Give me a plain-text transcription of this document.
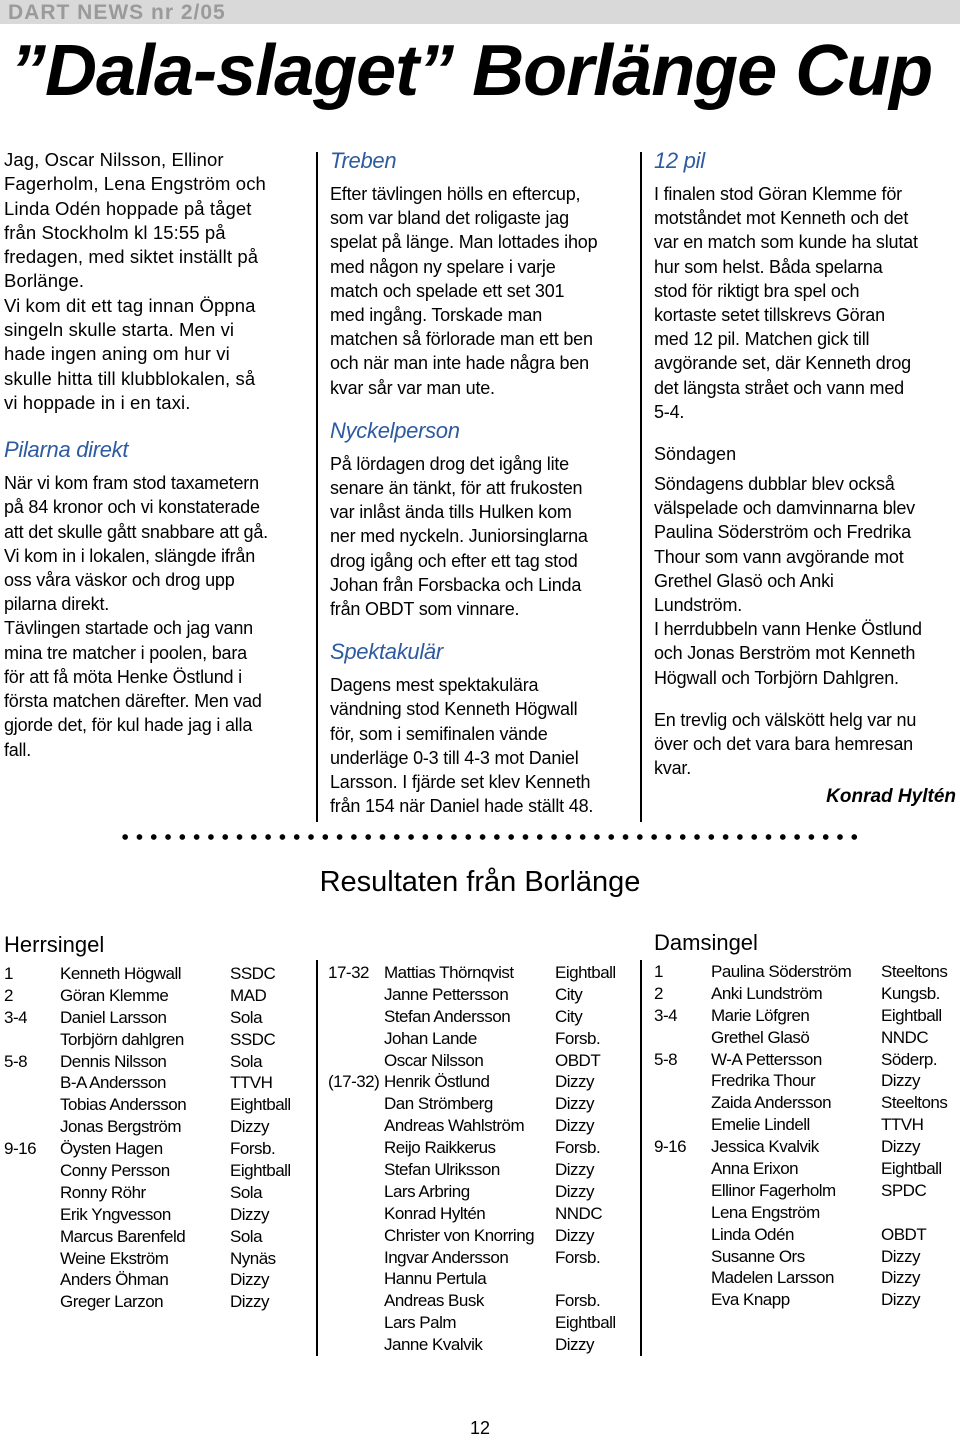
DART NEWS nr 2/05
”Dala-slaget” Borlänge Cup
Jag, Oscar Nilsson, Ellinor
Fagerholm, Lena Engström och
Linda Odén hoppade på tåget
från Stockholm kl 15:55 på
fredagen, med siktet inställt på
Borlänge.
Vi kom dit ett tag innan Öppna
singeln skulle starta. Men vi
hade ingen aning om hur vi
skulle hitta till klubblokalen, så
vi hoppade in i en taxi.
Pilarna direkt
När vi kom fram stod taxametern
på 84 kronor och vi konstaterade
att det skulle gått snabbare att gå.
Vi kom in i lokalen, slängde ifrån
oss våra väskor och drog upp
pilarna direkt.
Tävlingen startade och jag vann
mina tre matcher i poolen, bara
för att få möta Henke Östlund i
första matchen därefter. Men vad
gjorde det, för kul hade jag i alla
fall.
Treben
Efter tävlingen hölls en eftercup,
som var bland det roligaste jag
spelat på länge. Man lottades ihop
med någon ny spelare i varje
match och spelade ett set 301
med ingång. Torskade man
matchen så förlorade man ett ben
och när man inte hade några ben
kvar sår var man ute.
Nyckelperson
På lördagen drog det igång lite
senare än tänkt, för att frukosten
var inlåst ända tills Hulken kom
ner med nyckeln. Juniorsinglarna
drog igång och efter ett tag stod
Johan från Forsbacka och Linda
från OBDT som vinnare.
Spektakulär
Dagens mest spektakulära
vändning stod Kenneth Högwall
för, som i semifinalen vände
underläge 0-3 till 4-3 mot Daniel
Larsson. I fjärde set klev Kenneth
från 154 när Daniel hade ställt 48.
12 pil
I finalen stod Göran Klemme för
motståndet mot Kenneth och det
var en match som kunde ha slutat
hur som helst. Båda spelarna
stod för riktigt bra spel och
kortaste setet tillskrevs Göran
med 12 pil. Matchen gick till
avgörande set, där Kenneth drog
det längsta strået och vann med
5-4.
Söndagen
Söndagens dubblar blev också
välspelade och damvinnarna blev
Paulina Söderström och Fredrika
Thour som vann avgörande mot
Grethel Glasö och Anki
Lundström.
I herrdubbeln vann Henke Östlund
och Jonas Berström mot Kenneth
Högwall och Torbjörn Dahlgren.
En trevlig och välskött helg var nu
över och det vara bara hemresan
kvar.
Konrad Hyltén
Resultaten från Borlänge
Herrsingel	Damsingel
1	Kenneth Högwall	SSDC
2	Göran Klemme	MAD
3-4 Daniel Larsson	Sola
Torbjörn dahlgren	SSDC
5-8 Dennis Nilsson	Sola
B-A Andersson	TTVH
Tobias Andersson	Eightball
Jonas Bergström	Dizzy
9-16 Öysten Hagen	Forsb.
Conny Persson	Eightball
Ronny Röhr	Sola
Erik Yngvesson	Dizzy
Marcus Barenfeld	Sola
Weine Ekström	Nynäs
Anders Öhman	Dizzy
Greger Larzon	Dizzy
17-32 Mattias Thörnqvist Eightball
Janne Pettersson	City
Stefan Andersson	City
Johan Lande	Forsb.
Oscar Nilsson	OBDT
(17-32) Henrik Östlund	Dizzy
Dan Strömberg	Dizzy
Andreas Wahlström Dizzy
Reijo Raikkerus	Forsb.
Stefan Ulriksson	Dizzy
Lars Arbring	Dizzy
Konrad Hyltén	NNDC
Christer von Knorring Dizzy
Ingvar Andersson	Forsb.
Hannu Pertula
Andreas Busk	Forsb.
Lars Palm	Eightball
Janne Kvalvik	Dizzy
1	Paulina Söderström Steeltons
2	Anki Lundström	Kungsb.
3-4 Marie Löfgren	Eightball
Grethel Glasö	NNDC
5-8 W-A Pettersson	Söderp.
Fredrika Thour	Dizzy
Zaida Andersson	Steeltons
Emelie Lindell	TTVH
9-16 Jessica Kvalvik	Dizzy
Anna Erixon	Eightball
Ellinor Fagerholm	SPDC
Lena Engström
Linda Odén	OBDT
Susanne Ors	Dizzy
Madelen Larsson	Dizzy
Eva Knapp	Dizzy
12
